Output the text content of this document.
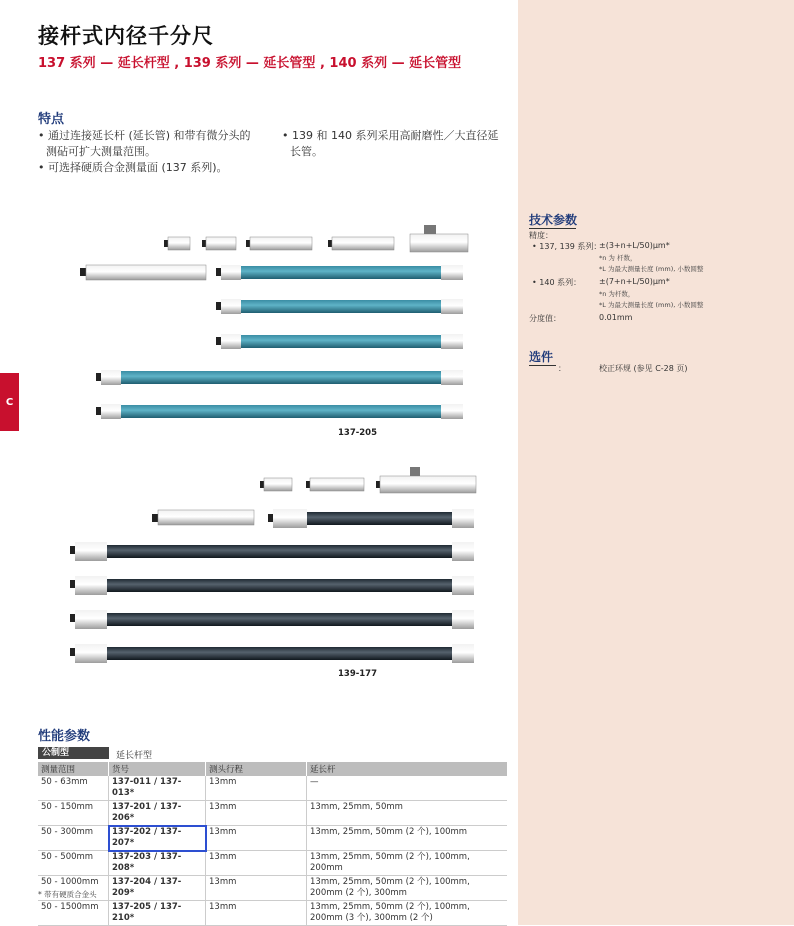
C
接杆式内径千分尺
137 系列 — 延长杆型 , 139 系列 — 延长管型 , 140 系列 — 延长管型
特点
• 通过连接延长杆 (延长管) 和带有微分头的
测砧可扩大测量范围。
• 可选择硬质合金测量面 (137 系列)。
• 139 和 140 系列采用高耐磨性／大直径延
长管。
技术参数
精度：
• 137, 139 系列：
±(3+n+L/50)µm*
*n 为 杆数，
*L 为最大测量长度 (mm), 小数圆整
• 140 系列： ±(7+n+L/50)µm*
*n 为杆数，
*L 为最大测量长度 (mm), 小数圆整
分度值：	0.01mm
选件
：	校正环规 (参见 C-28 页)
137-205
139-177
性能参数
公制型	延长杆型
测量范围	货号	测头行程	延长杆
50 - 63mm	137-011 / 137-013*	13mm	—
50 - 150mm	137-201 / 137-206*	13mm	13mm, 25mm, 50mm
50 - 300mm	137-202 / 137-207*	13mm	13mm, 25mm, 50mm (2 个), 100mm
50 - 500mm	137-203 / 137-208*	13mm	13mm, 25mm, 50mm (2 个), 100mm, 200mm
50 - 1000mm	137-204 / 137-209*	13mm	13mm, 25mm, 50mm (2 个), 100mm,
200mm (2 个), 300mm
50 - 1500mm	137-205 / 137-210*	13mm	13mm, 25mm, 50mm (2 个), 100mm,
200mm (3 个), 300mm (2 个)
* 带有硬质合金头
